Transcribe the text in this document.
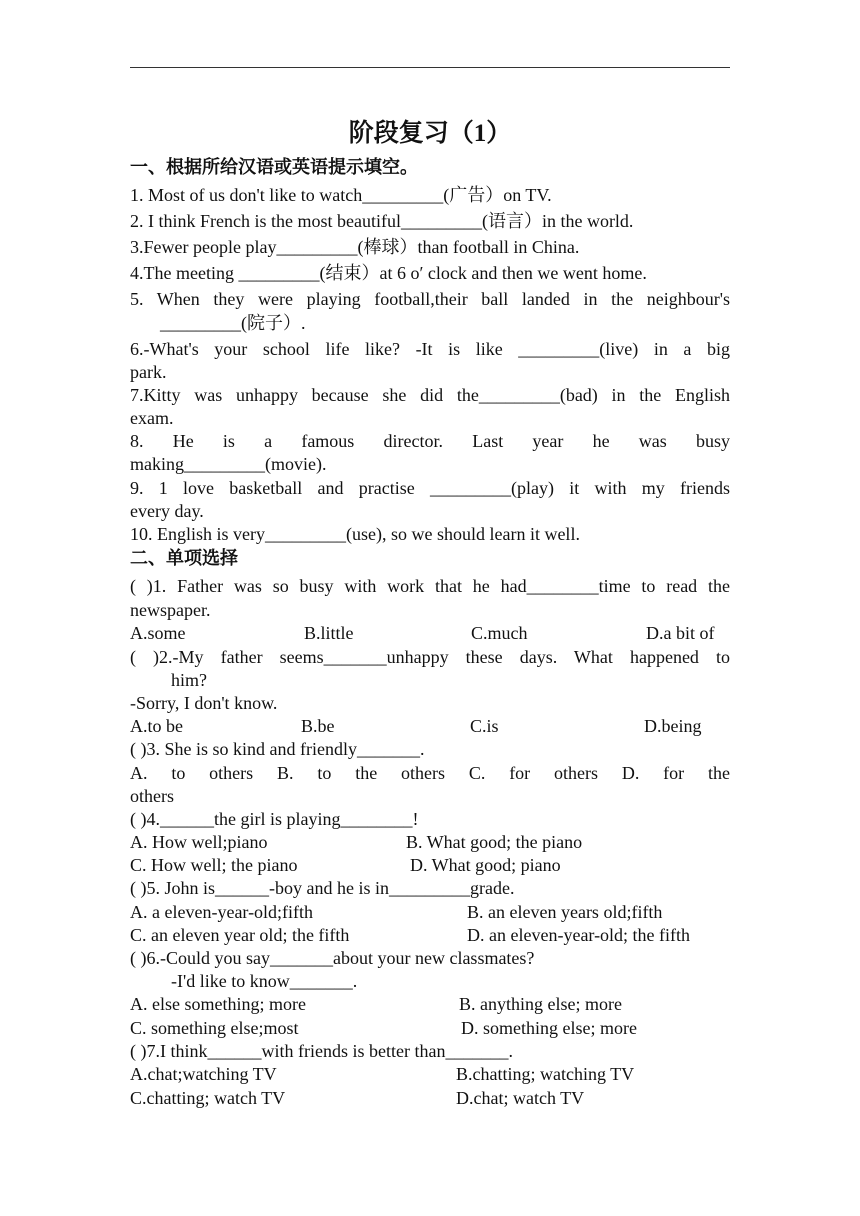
阶段复习（1）
一、根据所给汉语或英语提示填空。
1. Most of us don't like to watch_________(广告）on TV.
2. I think French is the most beautiful_________(语言）in the world.
3.Fewer people play_________(棒球）than football in China.
4.The meeting _________(结束）at 6 o′ clock and then we went home.
5. When they were playing football,their ball landed in the neighbour's
_________(院子）.
6.-What's your school life like? -It is like _________(live) in a big
park.
7.Kitty was unhappy because she did the_________(bad) in the English
exam.
8. He is a famous director. Last year he was busy
making_________(movie).
9. 1 love basketball and practise _________(play) it with my friends
every day.
10. English is very_________(use), so we should learn it well.
二、单项选择
( )1. Father was so busy with work that he had________time to read the
newspaper.
A.some	B.little	C.much	D.a bit of
( )2.-My father seems_______unhappy these days. What happened to
him?
-Sorry, I don't know.
A.to be	B.be	C.is	D.being
( )3. She is so kind and friendly_______.
A. to others B. to the others C. for others D. for the
others
( )4.______the girl is playing________!
A. How well;piano	B. What good; the piano
C. How well; the piano	D. What good; piano
( )5. John is______-boy and he is in_________grade.
A. a eleven-year-old;fifth	B. an eleven years old;fifth
C. an eleven year old; the fifth	D. an eleven-year-old; the fifth
( )6.-Could you say_______about your new classmates?
-I'd like to know_______.
A. else something; more	B. anything else; more
C. something else;most	D. something else; more
( )7.I think______with friends is better than_______.
A.chat;watching TV	B.chatting; watching TV
C.chatting; watch TV	D.chat; watch TV
